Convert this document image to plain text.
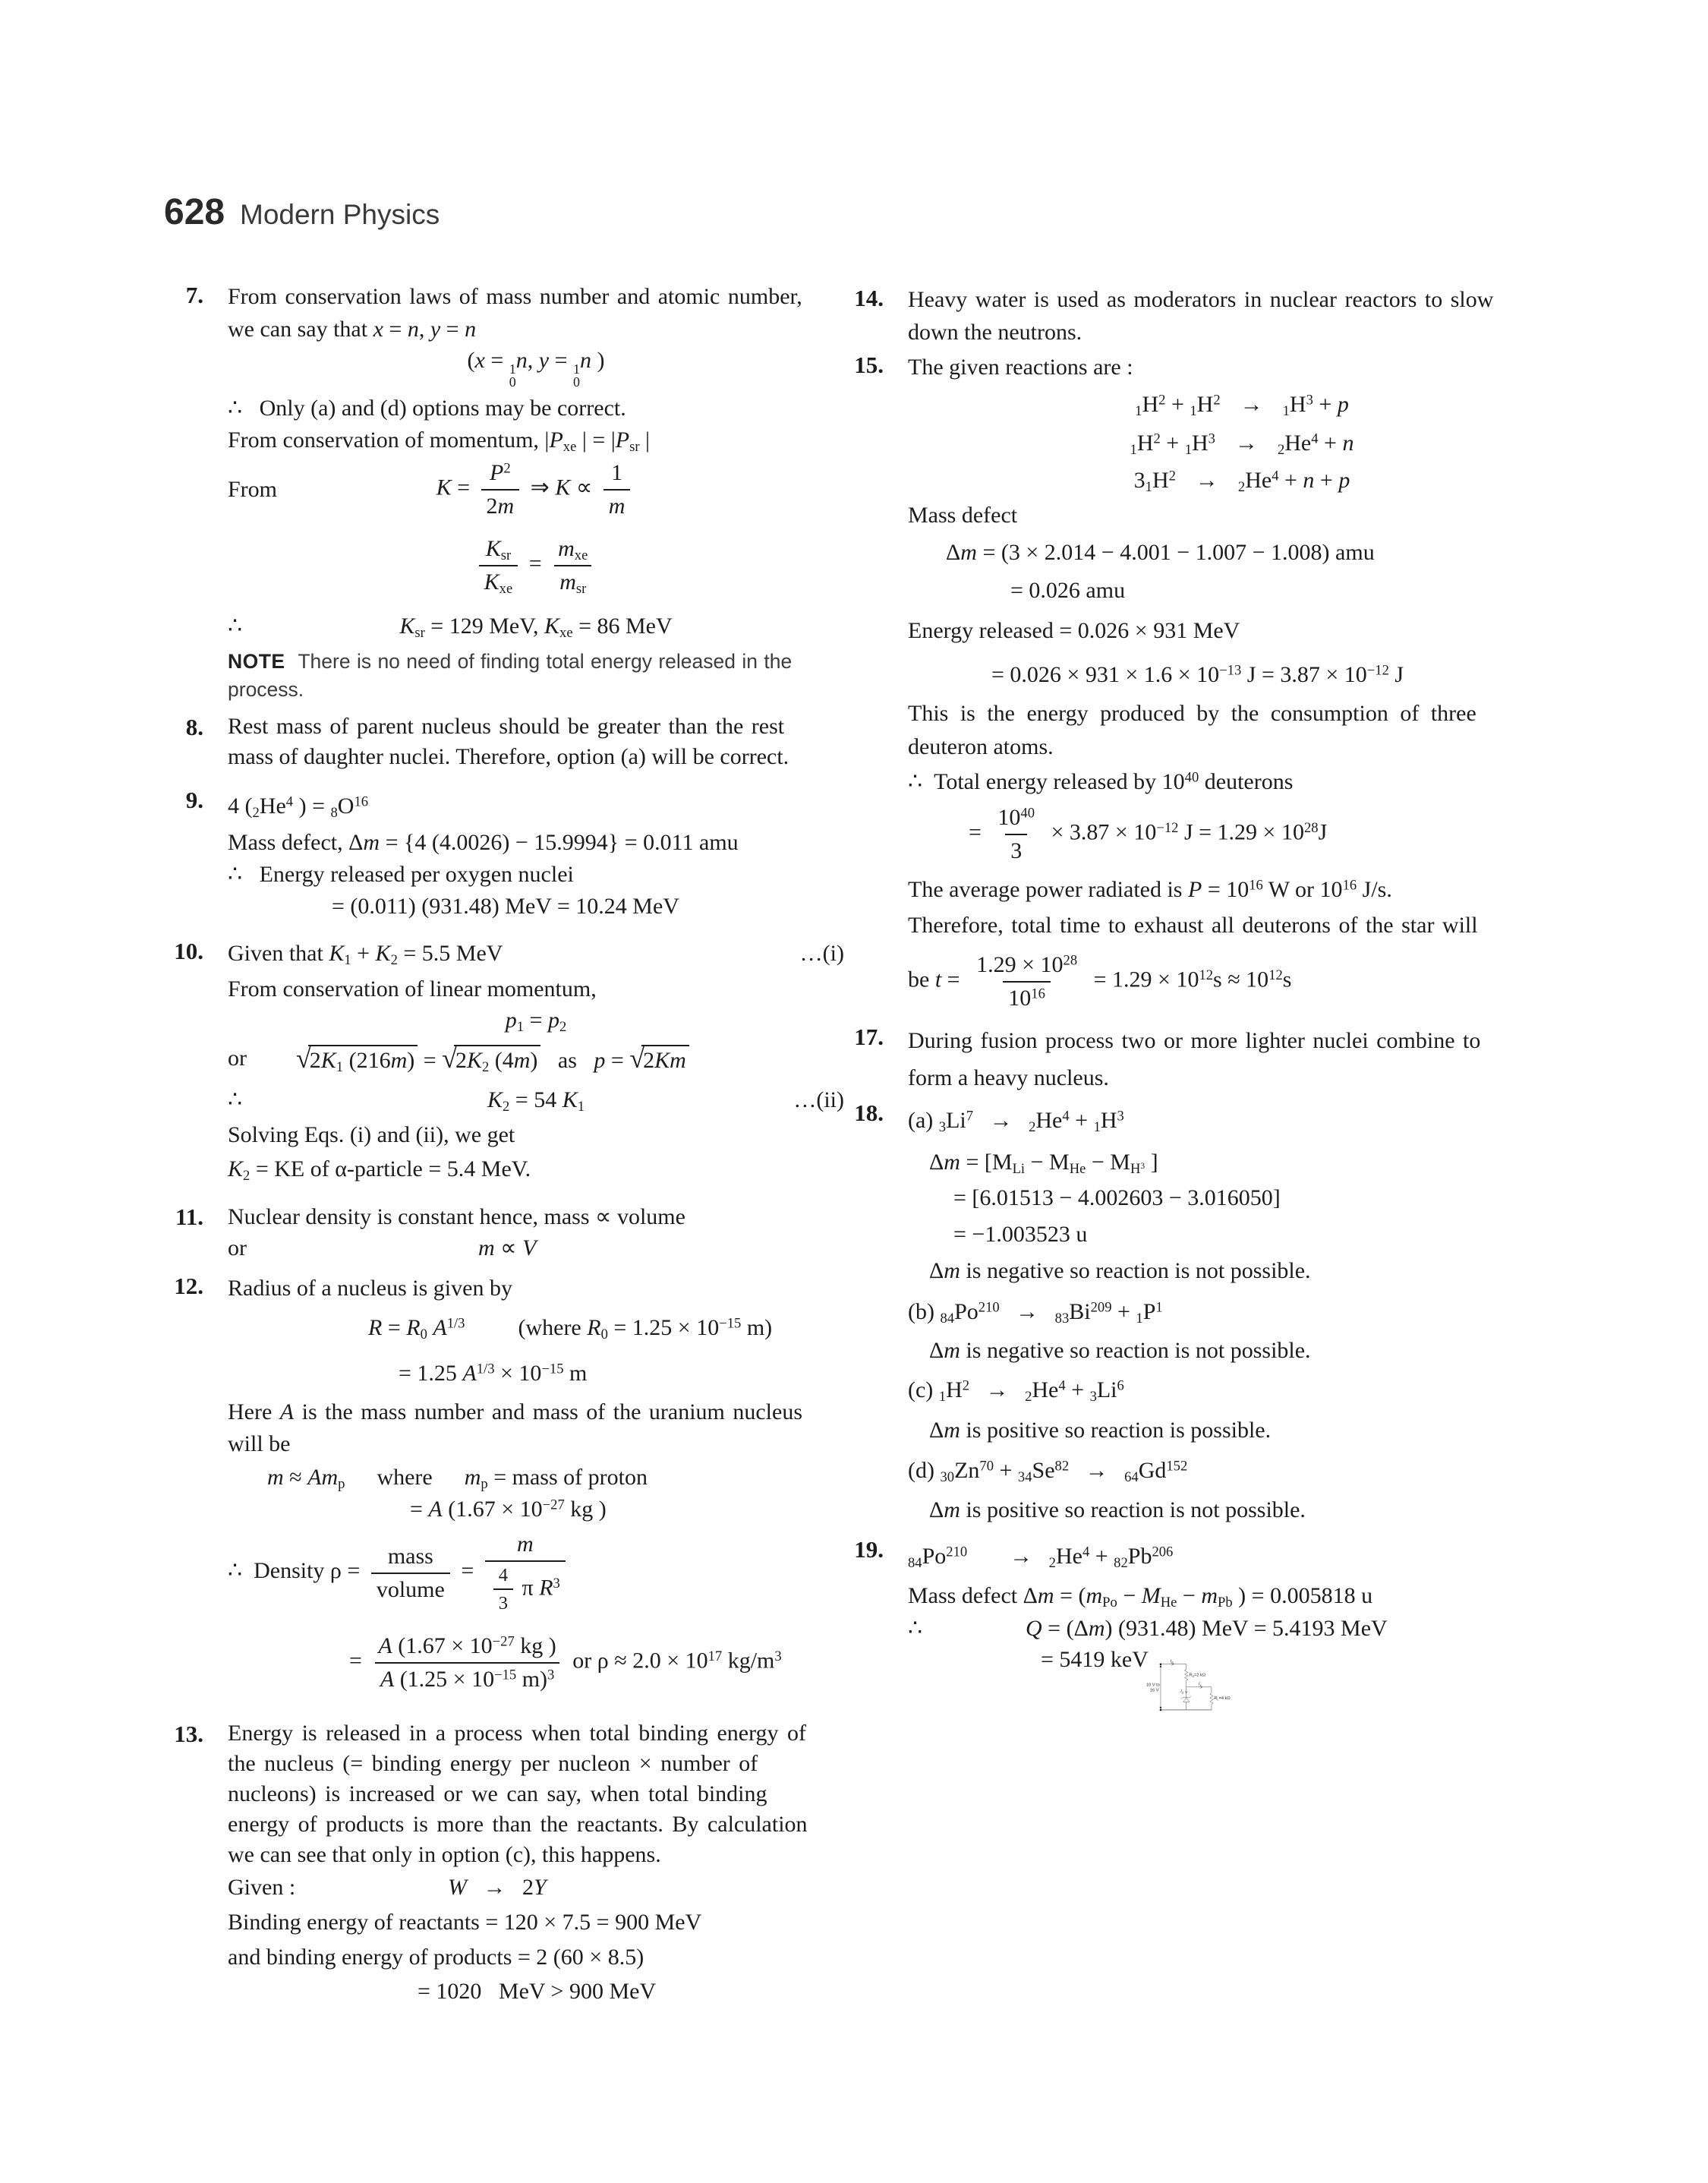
628 Modern Physics
7. From conservation laws of mass number and atomic number,
we can say that x = n, y = n
(x = 1
0
n, y = 1
0
n )
∴   Only (a) and (d) options may be correct.
From conservation of momentum, $|P_{xe}$ | = $|P_{sr}$ |
From	$K = \frac{P^2}{2m}$ ⇒ $K \propto \frac{1}{m}$
$K_{sr}$
$K_{xe}$
=
$m_{xe}$
$m_{sr}$
∴	$K_{sr} = 129$ MeV, $K_{xe} = 86$ MeV
NOTE  There is no need of finding total energy released in the
process.
8. Rest mass of parent nucleus should be greater than the rest
mass of daughter nuclei. Therefore, option (a) will be correct.
9. 4 ($_2He^4$ ) = $_8O^{16}$
Mass defect, Δm = {4 (4.0026) − 15.9994} = 0.011 amu
∴   Energy released per oxygen nuclei
= (0.011) (931.48) MeV = 10.24 MeV
10. Given that $K_1 + K_2 = 5.5$ MeV	…(i)
From conservation of linear momentum,
$p_1 = p_2$
or $√2K_1$ $(216m) = √2K_2$ (4m)   as   p = √2Km
∴	$K_2 = 54$ $K_1$	…(ii)
Solving Eqs. (i) and (ii), we get
$K_2$ = KE of α-particle = 5.4 MeV.
11. Nuclear density is constant hence, mass ∝ volume
or	m ∝ V
12. Radius of a nucleus is given by
$R = R_0$ $A^{1/3}$ (where $R_0 = 1.25 \times 10^{-15}$ m)
= 1.25 $A^{1/3} \times 10^{-15}$ m
Here A is the mass number and mass of the uranium nucleus
will be
$m \approx Am_p$ where $m_p$ = mass of proton
= A ($1.67 \times 10^{-27}$ kg )
∴  Density ρ =
mass
volume
= $\frac{m}{\frac{4}{3} \pi R^3}$
= $\frac{A (1.67 \times 10^{-27} kg )}{A (1.25 \times 10^{-15} m)^3}$ or $\rho \approx 2.0 \times 10^{17}$ $kg/m^3$
13. Energy is released in a process when total binding energy of
the nucleus (= binding energy per nucleon × number of
nucleons) is increased or we can say, when total binding
energy of products is more than the reactants. By calculation
we can see that only in option (c), this happens.
Given :	W → 2Y
Binding energy of reactants = 120 × 7.5 = 900 MeV
and binding energy of products = 2 (60 × 8.5)
= 1020   MeV > 900 MeV
14. Heavy water is used as moderators in nuclear reactors to slow
down the neutrons.
15. The given reactions are :
$_1H^2 + _1H^2 \to _1H^3 + p$
$_1H^2 + _1H^3 \to _2He^4 + n$
$3_1H^2 \to _2He^4 + n + p$
Mass defect
Δm = (3 × 2.014 − 4.001 − 1.007 − 1.008) amu
= 0.026 amu
Energy released = 0.026 × 931 MeV
= $0.026 \times 931 \times 1.6 \times 10^{-13}$ $J = 3.87 \times 10^{-12}$ J
This is the energy produced by the consumption of three
deuteron atoms.
∴  Total energy released by $10^{40}$ deuterons
= $\frac{10^{40}}{3} \times 3.87 \times 10^{-12}$ $J = 1.29 \times 10^{28}J$
The average power radiated is $P = 10^{16}$ W or $10^{16}$ J/s.
Therefore, total time to exhaust all deuterons of the star will
be $t = \frac{1.29 \times 10^{28}}{10^{16}} = 1.29 \times 10^{12}s \approx 10^{12}s$
17. During fusion process two or more lighter nuclei combine to
form a heavy nucleus.
18. (a) $_3Li^7 \to _2He^4 + _1H^3$
$\Delta m = [M_{Li} - M_{He} - M_{H^3}$ ]
= [6.01513 − 4.002603 − 3.016050]
= −1.003523 u
Δm is negative so reaction is not possible.
(b) $_{84}Po^{210} \to _{83}Bi^{209} + _1P^1$
Δm is negative so reaction is not possible.
(c) $_1H^2 \to _2He^4 + _3Li^6$
Δm is positive so reaction is possible.
(d) $_{30}Zn^{70} + _{34}Se^{82} \to _{64}Gd^{152}$
Δm is positive so reaction is not possible.
19.
$_{84}Po^{210} \to _2He^4 + _{82}Pb^{206}$
Mass defect $\Delta m = (m_{Po} - M_{He} - m_{Pb}$ ) = 0.005818 u
∴	Q = (Δm) (931.48) MeV = 5.4193 MeV
= 5419 keV $I_S$
$R_S=2$ kΩ
$I_L$
$I_Z$
$R_L=4$ kΩ
10 V to
16 V
